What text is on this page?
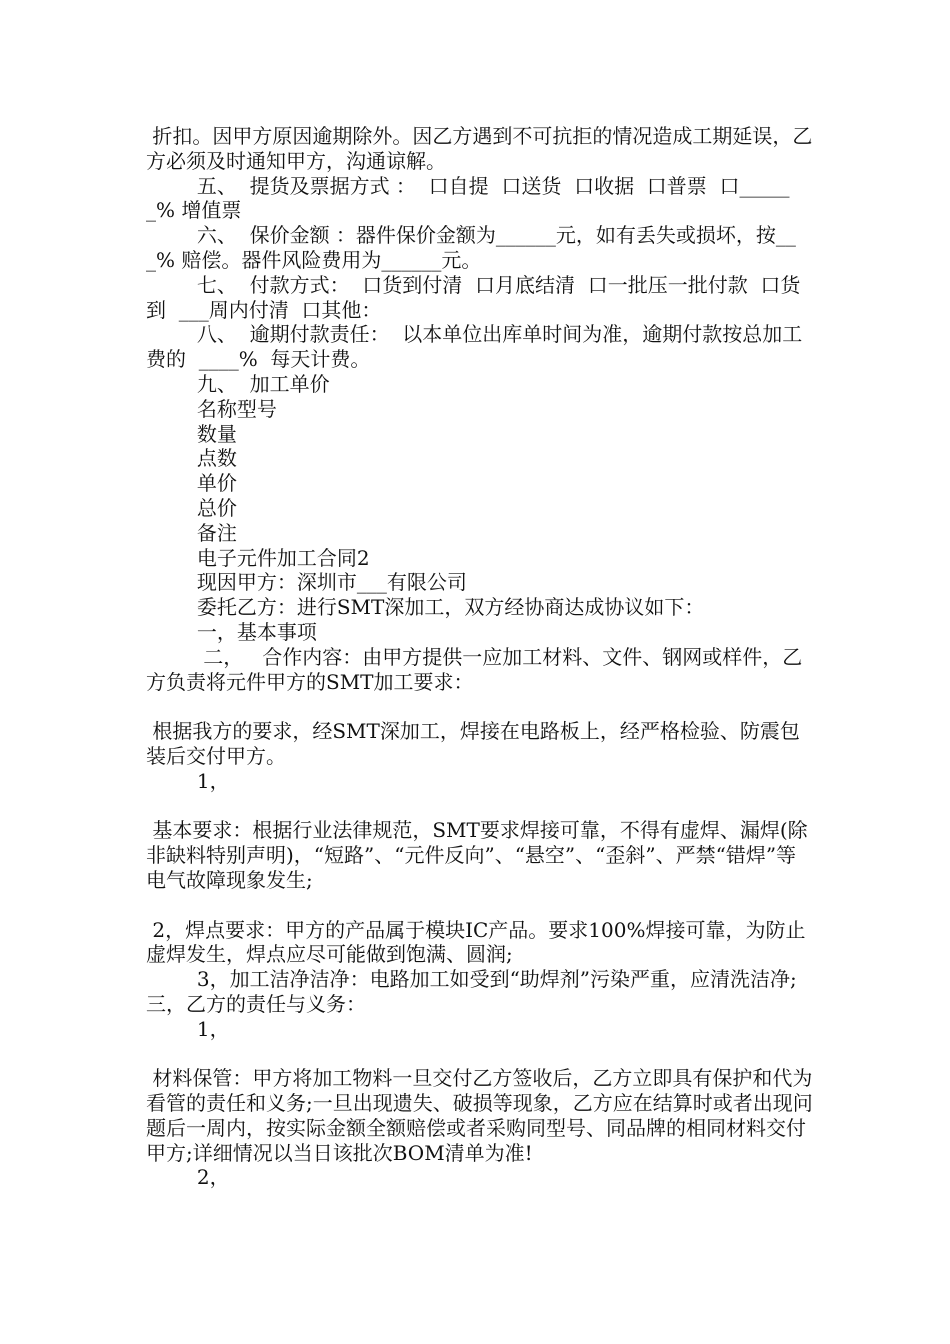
折扣。因甲方原因逾期除外。因乙方遇到不可抗拒的情况造成工期延误，乙方必须及时通知甲方，沟通谅解。

五、  提货及票据方式 ：  口自提  口送货  口收据  口普票  口______% 增值票

六、  保价金额 ：器件保价金额为______元，如有丢失或损坏，按___% 赔偿。器件风险费用为______元。

七、  付款方式：  口货到付清  口月底结清  口一批压一批付款  口货到  ___周内付清  口其他：

八、  逾期付款责任：  以本单位出库单时间为准，逾期付款按总加工费的  ____%  每天计费。

九、  加工单价

名称型号

数量

点数

单价

总价

备注

电子元件加工合同2

现因甲方：深圳市___有限公司

委托乙方：进行SMT深加工，双方经协商达成协议如下：

一，基本事项

二，   合作内容：由甲方提供一应加工材料、文件、钢网或样件，乙方负责将元件甲方的SMT加工要求：

根据我方的要求，经SMT深加工，焊接在电路板上，经严格检验、防震包装后交付甲方。

1，

基本要求：根据行业法律规范，SMT要求焊接可靠，不得有虚焊、漏焊(除非缺料特别声明)，“短路”、“元件反向”、“悬空”、“歪斜”、严禁“错焊”等电气故障现象发生;

2，焊点要求：甲方的产品属于模块IC产品。要求100%焊接可靠，为防止虚焊发生，焊点应尽可能做到饱满、圆润;

3，加工洁净洁净：电路加工如受到“助焊剂”污染严重，应清洗洁净; 三，乙方的责任与义务：

1，

材料保管：甲方将加工物料一旦交付乙方签收后，乙方立即具有保护和代为看管的责任和义务;一旦出现遗失、破损等现象，乙方应在结算时或者出现问题后一周内，按实际金额全额赔偿或者采购同型号、同品牌的相同材料交付甲方;详细情况以当日该批次BOM清单为准!

2，
